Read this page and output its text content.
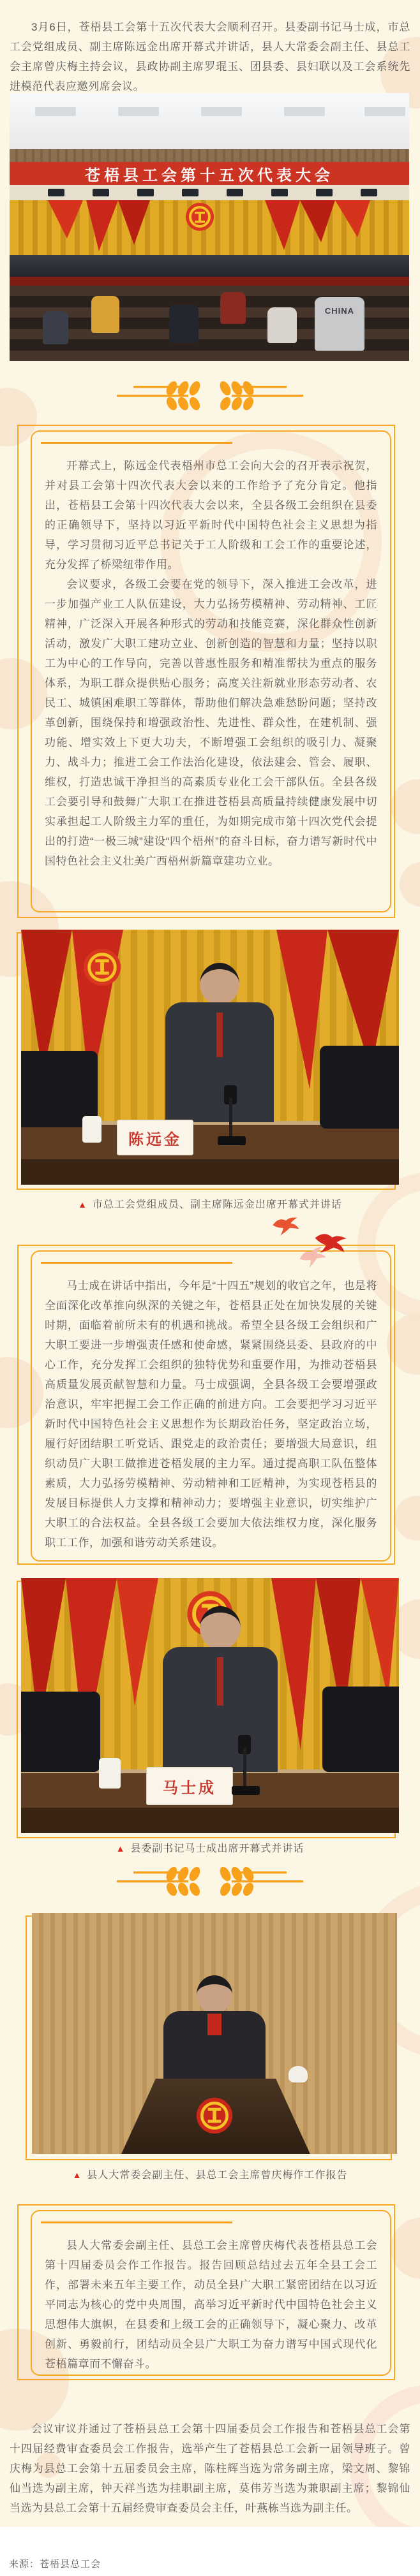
3月6日，苍梧县工会第十五次代表大会顺利召开。县委副书记马士成，市总工会党组成员、副主席陈远金出席开幕式并讲话，县人大常委会副主任、县总工会主席曾庆梅主持会议，县政协副主席罗琨玉、团县委、县妇联以及工会系统先进模范代表应邀列席会议。

苍梧县工会第十五次代表大会
CHINA

开幕式上，陈远金代表梧州市总工会向大会的召开表示祝贺，并对县工会第十四次代表大会以来的工作给予了充分肯定。他指出，苍梧县工会第十四次代表大会以来，全县各级工会组织在县委的正确领导下，坚持以习近平新时代中国特色社会主义思想为指导，学习贯彻习近平总书记关于工人阶级和工会工作的重要论述，充分发挥了桥梁纽带作用。

会议要求，各级工会要在党的领导下，深入推进工会改革，进一步加强产业工人队伍建设，大力弘扬劳模精神、劳动精神、工匠精神，广泛深入开展各种形式的劳动和技能竞赛，深化群众性创新活动，激发广大职工建功立业、创新创造的智慧和力量；坚持以职工为中心的工作导向，完善以普惠性服务和精准帮扶为重点的服务体系，为职工群众提供贴心服务；高度关注新就业形态劳动者、农民工、城镇困难职工等群体，帮助他们解决急难愁盼问题；坚持改革创新，围绕保持和增强政治性、先进性、群众性，在建机制、强功能、增实效上下更大功夫，不断增强工会组织的吸引力、凝聚力、战斗力；推进工会工作法治化建设，依法建会、管会、履职、维权，打造忠诚干净担当的高素质专业化工会干部队伍。全县各级工会要引导和鼓舞广大职工在推进苍梧县高质量持续健康发展中切实承担起工人阶级主力军的重任，为如期完成市第十四次党代会提出的打造“一极三城”建设“四个梧州”的奋斗目标，奋力谱写新时代中国特色社会主义壮美广西梧州新篇章建功立业。

陈远金
▲ 市总工会党组成员、副主席陈远金出席开幕式并讲话

马士成在讲话中指出，今年是“十四五”规划的收官之年，也是将全面深化改革推向纵深的关键之年，苍梧县正处在加快发展的关键时期，面临着前所未有的机遇和挑战。希望全县各级工会组织和广大职工要进一步增强责任感和使命感，紧紧围绕县委、县政府的中心工作，充分发挥工会组织的独特优势和重要作用，为推动苍梧县高质量发展贡献智慧和力量。马士成强调，全县各级工会要增强政治意识，牢牢把握工会工作正确的前进方向。工会要把学习习近平新时代中国特色社会主义思想作为长期政治任务，坚定政治立场，履行好团结职工听党话、跟党走的政治责任；要增强大局意识，组织动员广大职工做推进苍梧发展的主力军。通过提高职工队伍整体素质，大力弘扬劳模精神、劳动精神和工匠精神，为实现苍梧县的发展目标提供人力支撑和精神动力；要增强主业意识，切实维护广大职工的合法权益。全县各级工会要加大依法维权力度，深化服务职工工作，加强和谐劳动关系建设。

马士成
▲ 县委副书记马士成出席开幕式并讲话
▲ 县人大常委会副主任、县总工会主席曾庆梅作工作报告

县人大常委会副主任、县总工会主席曾庆梅代表苍梧县总工会第十四届委员会作工作报告。报告回顾总结过去五年全县工会工作，部署未来五年主要工作，动员全县广大职工紧密团结在以习近平同志为核心的党中央周围，高举习近平新时代中国特色社会主义思想伟大旗帜，在县委和上级工会的正确领导下，凝心聚力、改革创新、勇毅前行，团结动员全县广大职工为奋力谱写中国式现代化苍梧篇章而不懈奋斗。

会议审议并通过了苍梧县总工会第十四届委员会工作报告和苍梧县总工会第十四届经费审查委员会工作报告，选举产生了苍梧县总工会新一届领导班子。曾庆梅为县总工会第十五届委员会主席，陈柱辉当选为常务副主席，梁文周、黎锦仙当选为副主席，钟天祥当选为挂职副主席，莫伟芳当选为兼职副主席；黎锦仙当选为县总工会第十五届经费审查委员会主任，叶燕栋当选为副主任。

来源：苍梧县总工会
